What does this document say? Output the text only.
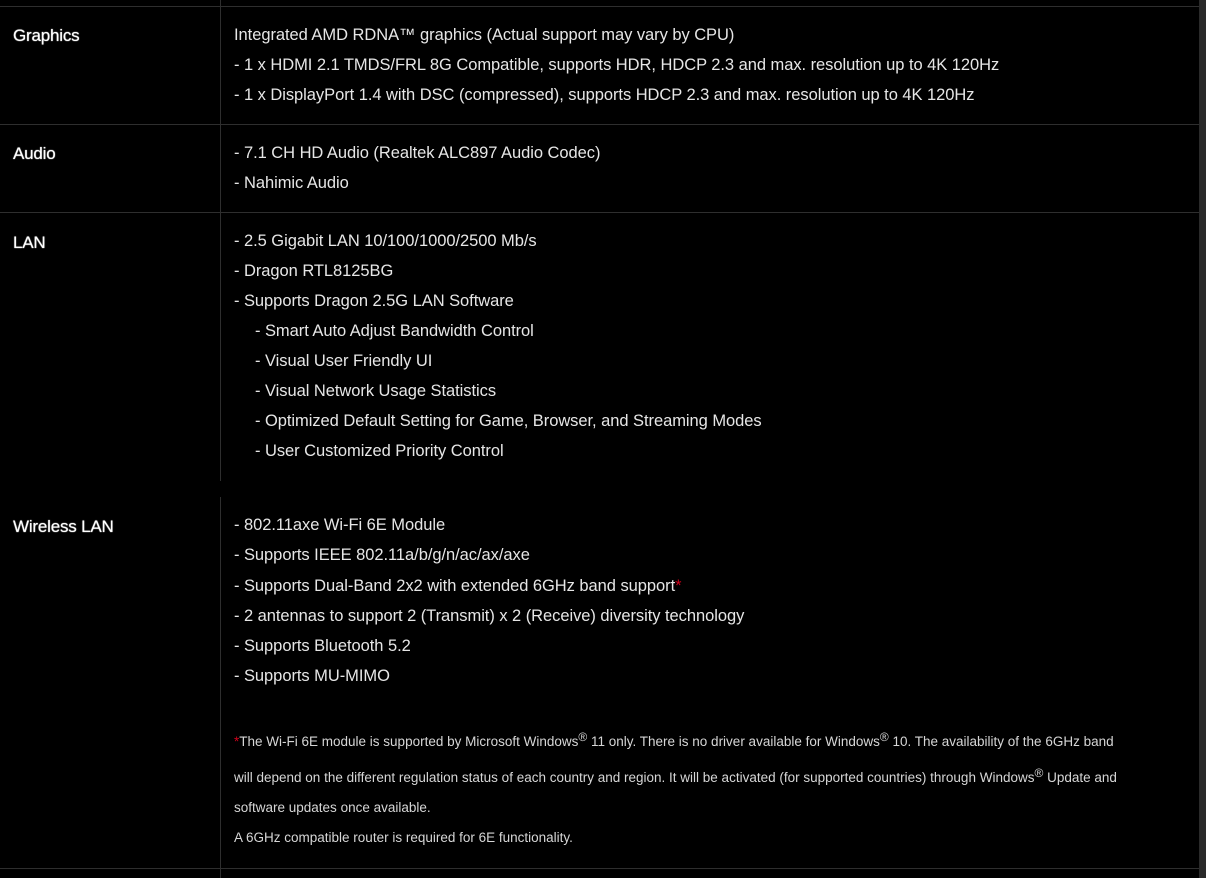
Graphics	Integrated AMD RDNA™ graphics (Actual support may vary by CPU)
- 1 x HDMI 2.1 TMDS/FRL 8G Compatible, supports HDR, HDCP 2.3 and max. resolution up to 4K 120Hz
- 1 x DisplayPort 1.4 with DSC (compressed), supports HDCP 2.3 and max. resolution up to 4K 120Hz
Audio	- 7.1 CH HD Audio (Realtek ALC897 Audio Codec)
- Nahimic Audio
LAN	- 2.5 Gigabit LAN 10/100/1000/2500 Mb/s
- Dragon RTL8125BG
- Supports Dragon 2.5G LAN Software
- Smart Auto Adjust Bandwidth Control
- Visual User Friendly UI
- Visual Network Usage Statistics
- Optimized Default Setting for Game, Browser, and Streaming Modes
- User Customized Priority Control
Wireless LAN	- 802.11axe Wi-Fi 6E Module
- Supports IEEE 802.11a/b/g/n/ac/ax/axe
- Supports Dual-Band 2x2 with extended 6GHz band support*
- 2 antennas to support 2 (Transmit) x 2 (Receive) diversity technology
- Supports Bluetooth 5.2
- Supports MU-MIMO
*The Wi-Fi 6E module is supported by Microsoft Windows® 11 only. There is no driver available for Windows® 10. The availability of the 6GHz band
will depend on the different regulation status of each country and region. It will be activated (for supported countries) through Windows® Update and
software updates once available.
A 6GHz compatible router is required for 6E functionality.
